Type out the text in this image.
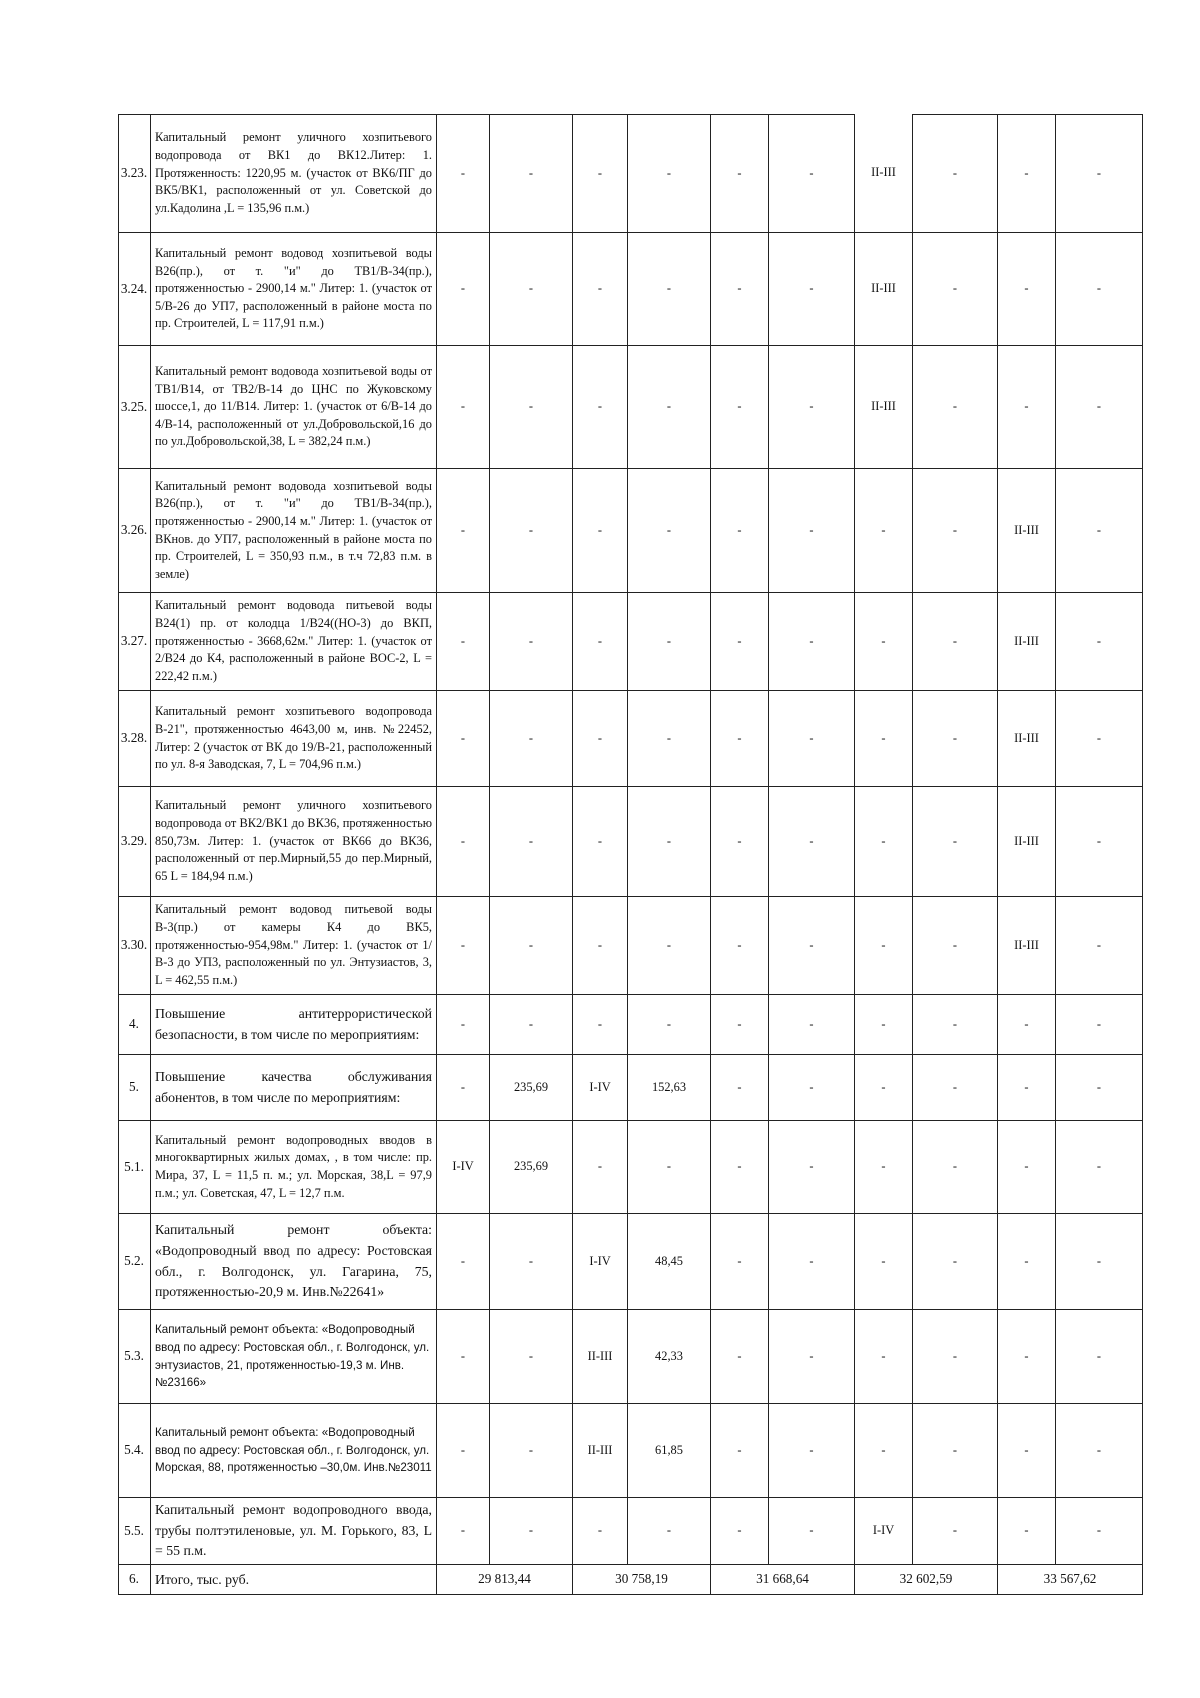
3.23.	Капитальный ремонт уличного хозпитьевого водопровода от ВК1 до ВК12.Литер: 1. Протяженность: 1220,95 м. (участок от ВК6/ПГ до ВК5/ВК1, расположенный от ул. Советской до ул.Кадолина ,L = 135,96 п.м.)	-	-	-	-	-	-	II-III	-	-	-
3.24.	Капитальный ремонт водовод хозпитьевой воды В26(пр.), от т. "и" до ТВ1/В-34(пр.), протяженностью - 2900,14 м." Литер: 1. (участок от 5/В-26 до УП7, расположенный в районе моста по пр. Строителей, L = 117,91 п.м.)	-	-	-	-	-	-	II-III	-	-	-
3.25.	Капитальный ремонт водовода хозпитьевой воды от ТВ1/В14, от ТВ2/В-14 до ЦНС по Жуковскому шоссе,1, до 11/В14. Литер: 1. (участок от 6/В-14 до 4/В-14, расположенный от ул.Добровольской,16 до по ул.Добровольской,38, L = 382,24 п.м.)	-	-	-	-	-	-	II-III	-	-	-
3.26.	Капитальный ремонт водовода хозпитьевой воды В26(пр.), от т. "и" до ТВ1/В-34(пр.), протяженностью - 2900,14 м." Литер: 1. (участок от ВКнов. до УП7, расположенный в районе моста по пр. Строителей, L = 350,93 п.м., в т.ч 72,83 п.м. в земле)	-	-	-	-	-	-	-	-	II-III	-
3.27.	Капитальный ремонт водовода питьевой воды В24(1) пр. от колодца 1/В24((НО-3) до ВКП, протяженностью - 3668,62м." Литер: 1. (участок от 2/В24 до К4, расположенный в районе ВОС-2, L = 222,42 п.м.)	-	-	-	-	-	-	-	-	II-III	-
3.28.	Капитальный ремонт хозпитьевого водопровода В-21", протяженностью 4643,00 м, инв. №22452, Литер: 2 (участок от ВК до 19/В-21, расположенный по ул. 8-я Заводская, 7, L = 704,96 п.м.)	-	-	-	-	-	-	-	-	II-III	-
3.29.	Капитальный ремонт уличного хозпитьевого водопровода от ВК2/ВК1 до ВК36, протяженностью 850,73м. Литер: 1. (участок от ВК66 до ВК36, расположенный от пер.Мирный,55 до пер.Мирный, 65 L = 184,94 п.м.)	-	-	-	-	-	-	-	-	II-III	-
3.30.	Капитальный ремонт водовод питьевой воды В-3(пр.) от камеры К4 до ВК5, протяженностью-954,98м." Литер: 1. (участок от 1/В-3 до УП3, расположенный по ул. Энтузиастов, 3, L = 462,55 п.м.)	-	-	-	-	-	-	-	-	II-III	-
4.	Повышение антитеррористической безопасности, в том числе по мероприятиям:	-	-	-	-	-	-	-	-	-	-
5.	Повышение качества обслуживания абонентов, в том числе по мероприятиям:	-	235,69	I-IV	152,63	-	-	-	-	-	-
5.1.	Капитальный ремонт водопроводных вводов в многоквартирных жилых домах, , в том числе: пр. Мира, 37, L = 11,5 п. м.; ул. Морская, 38,L = 97,9 п.м.; ул. Советская, 47, L = 12,7 п.м.	I-IV	235,69	-	-	-	-	-	-	-	-
5.2.	Капитальный ремонт объекта: «Водопроводный ввод по адресу: Ростовская обл., г. Волгодонск, ул. Гагарина, 75, протяженностью-20,9 м. Инв.№22641»	-	-	I-IV	48,45	-	-	-	-	-	-
5.3.	Капитальный ремонт объекта: «Водопроводный ввод по адресу: Ростовская обл., г. Волгодонск, ул. энтузиастов, 21, протяженностью-19,3 м. Инв.№23166»	-	-	II-III	42,33	-	-	-	-	-	-
5.4.	Капитальный ремонт объекта: «Водопроводный ввод по адресу: Ростовская обл., г. Волгодонск, ул. Морская, 88, протяженностью –30,0м. Инв.№23011	-	-	II-III	61,85	-	-	-	-	-	-
5.5.	Капитальный ремонт водопроводного ввода, трубы полтэтиленовые, ул. М. Горького, 83, L = 55 п.м.	-	-	-	-	-	-	I-IV	-	-	-
6.	Итого, тыс. руб.	29 813,44		30 758,19		31 668,64		32 602,59		33 567,62	
